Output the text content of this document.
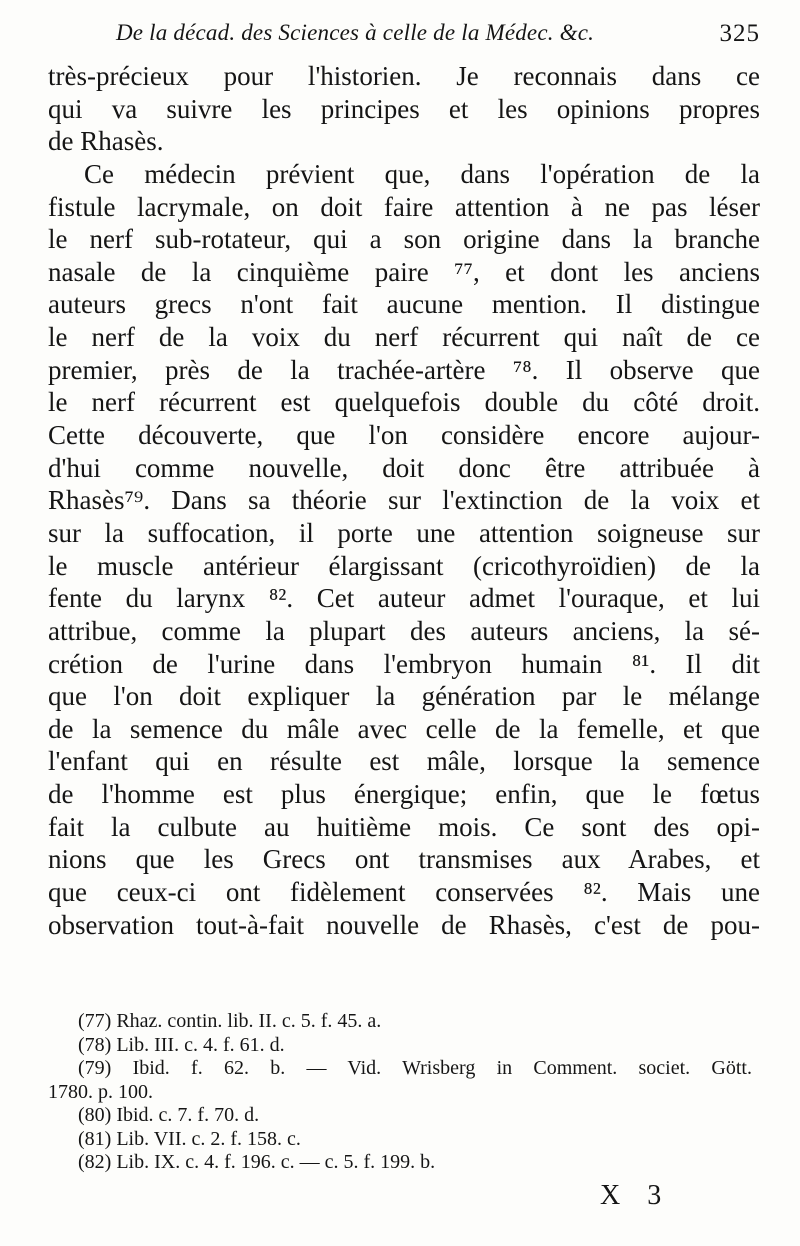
De la décad. des Sciences à celle de la Médec. &c.	325
très-précieux pour l'historien. Je reconnais dans ce
qui va suivre les principes et les opinions propres
de Rhasès.
Ce médecin prévient que, dans l'opération de la
fistule lacrymale, on doit faire attention à ne pas léser
le nerf sub-rotateur, qui a son origine dans la branche
nasale de la cinquième paire ⁷⁷, et dont les anciens
auteurs grecs n'ont fait aucune mention. Il distingue
le nerf de la voix du nerf récurrent qui naît de ce
premier, près de la trachée-artère ⁷⁸. Il observe que
le nerf récurrent est quelquefois double du côté droit.
Cette découverte, que l'on considère encore aujour-
d'hui comme nouvelle, doit donc être attribuée à
Rhasès⁷⁹. Dans sa théorie sur l'extinction de la voix et
sur la suffocation, il porte une attention soigneuse sur
le muscle antérieur élargissant (cricothyroïdien) de la
fente du larynx ⁸². Cet auteur admet l'ouraque, et lui
attribue, comme la plupart des auteurs anciens, la sé-
crétion de l'urine dans l'embryon humain ⁸¹. Il dit
que l'on doit expliquer la génération par le mélange
de la semence du mâle avec celle de la femelle, et que
l'enfant qui en résulte est mâle, lorsque la semence
de l'homme est plus énergique; enfin, que le fœtus
fait la culbute au huitième mois. Ce sont des opi-
nions que les Grecs ont transmises aux Arabes, et
que ceux-ci ont fidèlement conservées ⁸². Mais une
observation tout-à-fait nouvelle de Rhasès, c'est de pou-
(77) Rhaz. contin. lib. II. c. 5. f. 45. a.
(78) Lib. III. c. 4. f. 61. d.
(79) Ibid. f. 62. b. — Vid. Wrisberg in Comment. societ. Gött.
1780. p. 100.
(80) Ibid. c. 7. f. 70. d.
(81) Lib. VII. c. 2. f. 158. c.
(82) Lib. IX. c. 4. f. 196. c. — c. 5. f. 199. b.
X 3
